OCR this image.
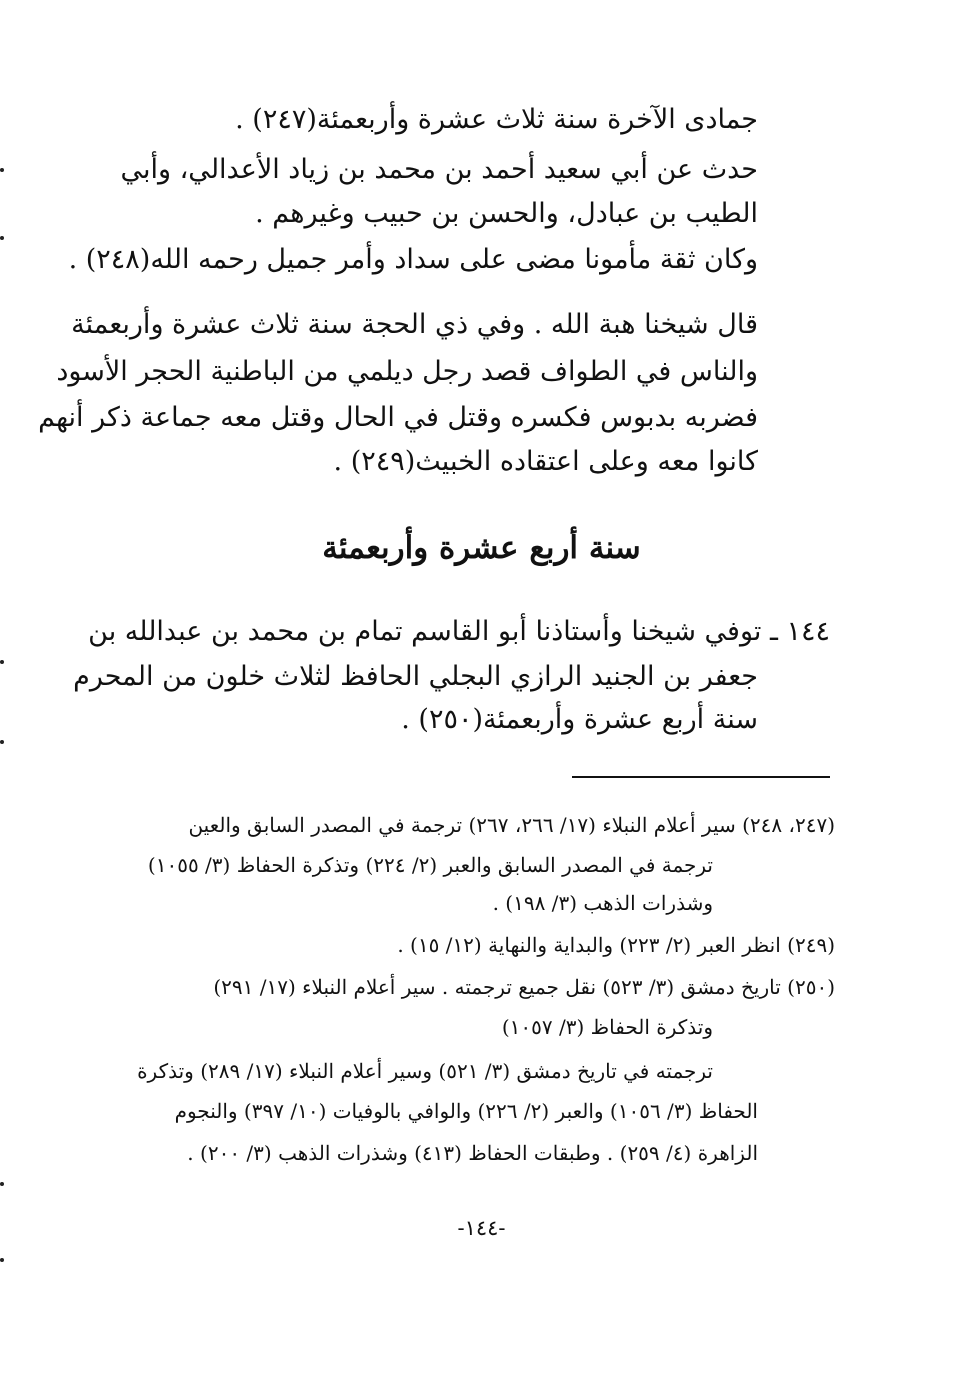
جمادى الآخرة سنة ثلاث عشرة وأربعمئة(٢٤٧) .
حدث عن أبي سعيد أحمد بن محمد بن زياد الأعدالي، وأبي
الطيب بن عبادل، والحسن بن حبيب وغيرهم .
وكان ثقة مأمونا مضى على سداد وأمر جميل رحمه الله(٢٤٨) .
قال شيخنا هبة الله . وفي ذي الحجة سنة ثلاث عشرة وأربعمئة
والناس في الطواف قصد رجل ديلمي من الباطنية الحجر الأسود
فضربه بدبوس فكسره وقتل في الحال وقتل معه جماعة ذكر أنهم
كانوا معه وعلى اعتقاده الخبيث(٢٤٩) .
سنة أربع عشرة وأربعمئة
١٤٤ ـ توفي شيخنا وأستاذنا أبو القاسم تمام بن محمد بن عبدالله بن
جعفر بن الجنيد الرازي البجلي الحافظ لثلاث خلون من المحرم
سنة أربع عشرة وأربعمئة(٢٥٠) .
(٢٤٧، ٢٤٨) سير أعلام النبلاء (١٧/ ٢٦٦، ٢٦٧) ترجمة في المصدر السابق والعين
ترجمة في المصدر السابق والعبر (٢/ ٢٢٤) وتذكرة الحفاظ (٣/ ١٠٥٥)
وشذرات الذهب (٣/ ١٩٨) .
(٢٤٩) انظر العبر (٢/ ٢٢٣) والبداية والنهاية (١٢/ ١٥) .
(٢٥٠) تاريخ دمشق (٣/ ٥٢٣) نقل جميع ترجمته . سير أعلام النبلاء (١٧/ ٢٩١)
وتذكرة الحفاظ (٣/ ١٠٥٧)
ترجمته في تاريخ دمشق (٣/ ٥٢١) وسير أعلام النبلاء (١٧/ ٢٨٩) وتذكرة
الحفاظ (٣/ ١٠٥٦) والعبر (٢/ ٢٢٦) والوافي بالوفيات (١٠/ ٣٩٧) والنجوم
الزاهرة (٤/ ٢٥٩) . وطبقات الحفاظ (٤١٣) وشذرات الذهب (٣/ ٢٠٠) .
-١٤٤-
